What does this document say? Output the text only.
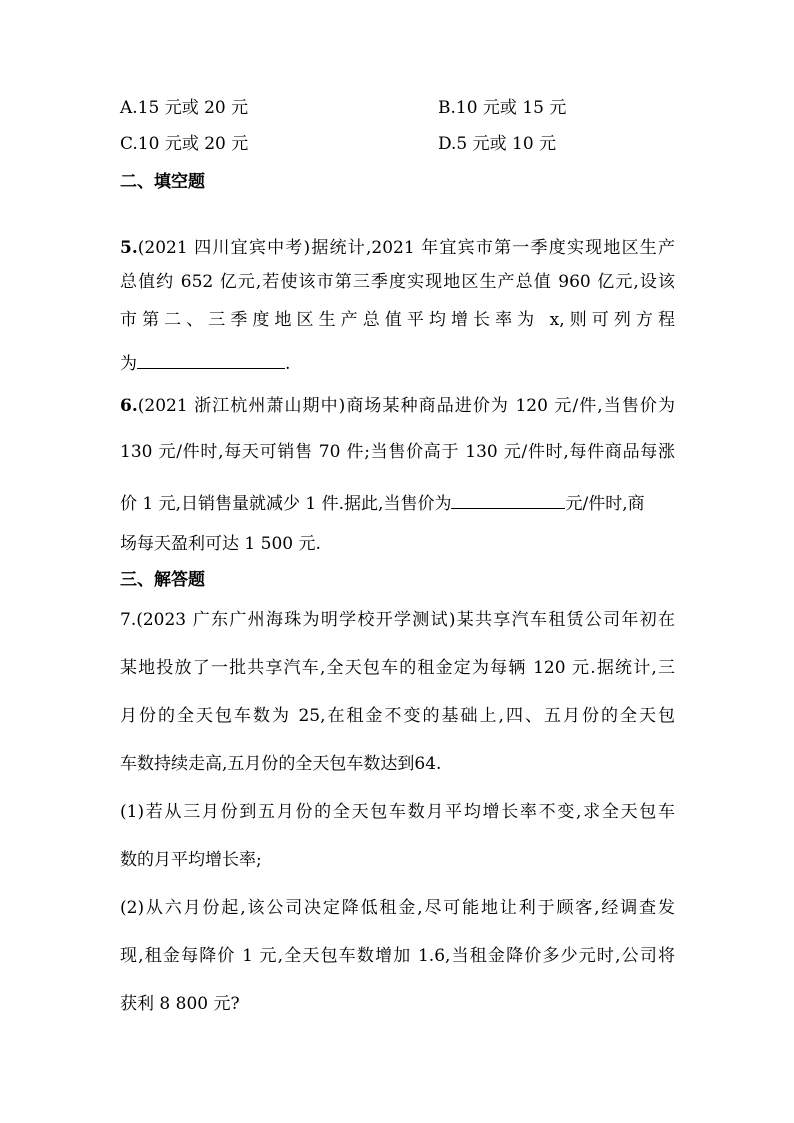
A.15 元或 20 元	B.10 元或 15 元
C.10 元或 20 元	D.5 元或 10 元
二、填空题
5.(2021 四川宜宾中考)据统计,2021 年宜宾市第一季度实现地区生产
总值约 652 亿元,若使该市第三季度实现地区生产总值 960 亿元,设该
市第二、三季度地区生产总值平均增长率为 x,则可列方程
为	.
6.(2021 浙江杭州萧山期中)商场某种商品进价为 120 元/件,当售价为
130 元/件时,每天可销售 70 件;当售价高于 130 元/件时,每件商品每涨
价 1 元,日销售量就减少 1 件.据此,当售价为	元/件时,商
场每天盈利可达 1 500 元.
三、解答题
7.(2023 广东广州海珠为明学校开学测试)某共享汽车租赁公司年初在
某地投放了一批共享汽车,全天包车的租金定为每辆 120 元.据统计,三
月份的全天包车数为 25,在租金不变的基础上,四、五月份的全天包
车数持续走高,五月份的全天包车数达到64.
(1)若从三月份到五月份的全天包车数月平均增长率不变,求全天包车
数的月平均增长率;
(2)从六月份起,该公司决定降低租金,尽可能地让利于顾客,经调查发
现,租金每降价 1 元,全天包车数增加 1.6,当租金降价多少元时,公司将
获利 8 800 元?
